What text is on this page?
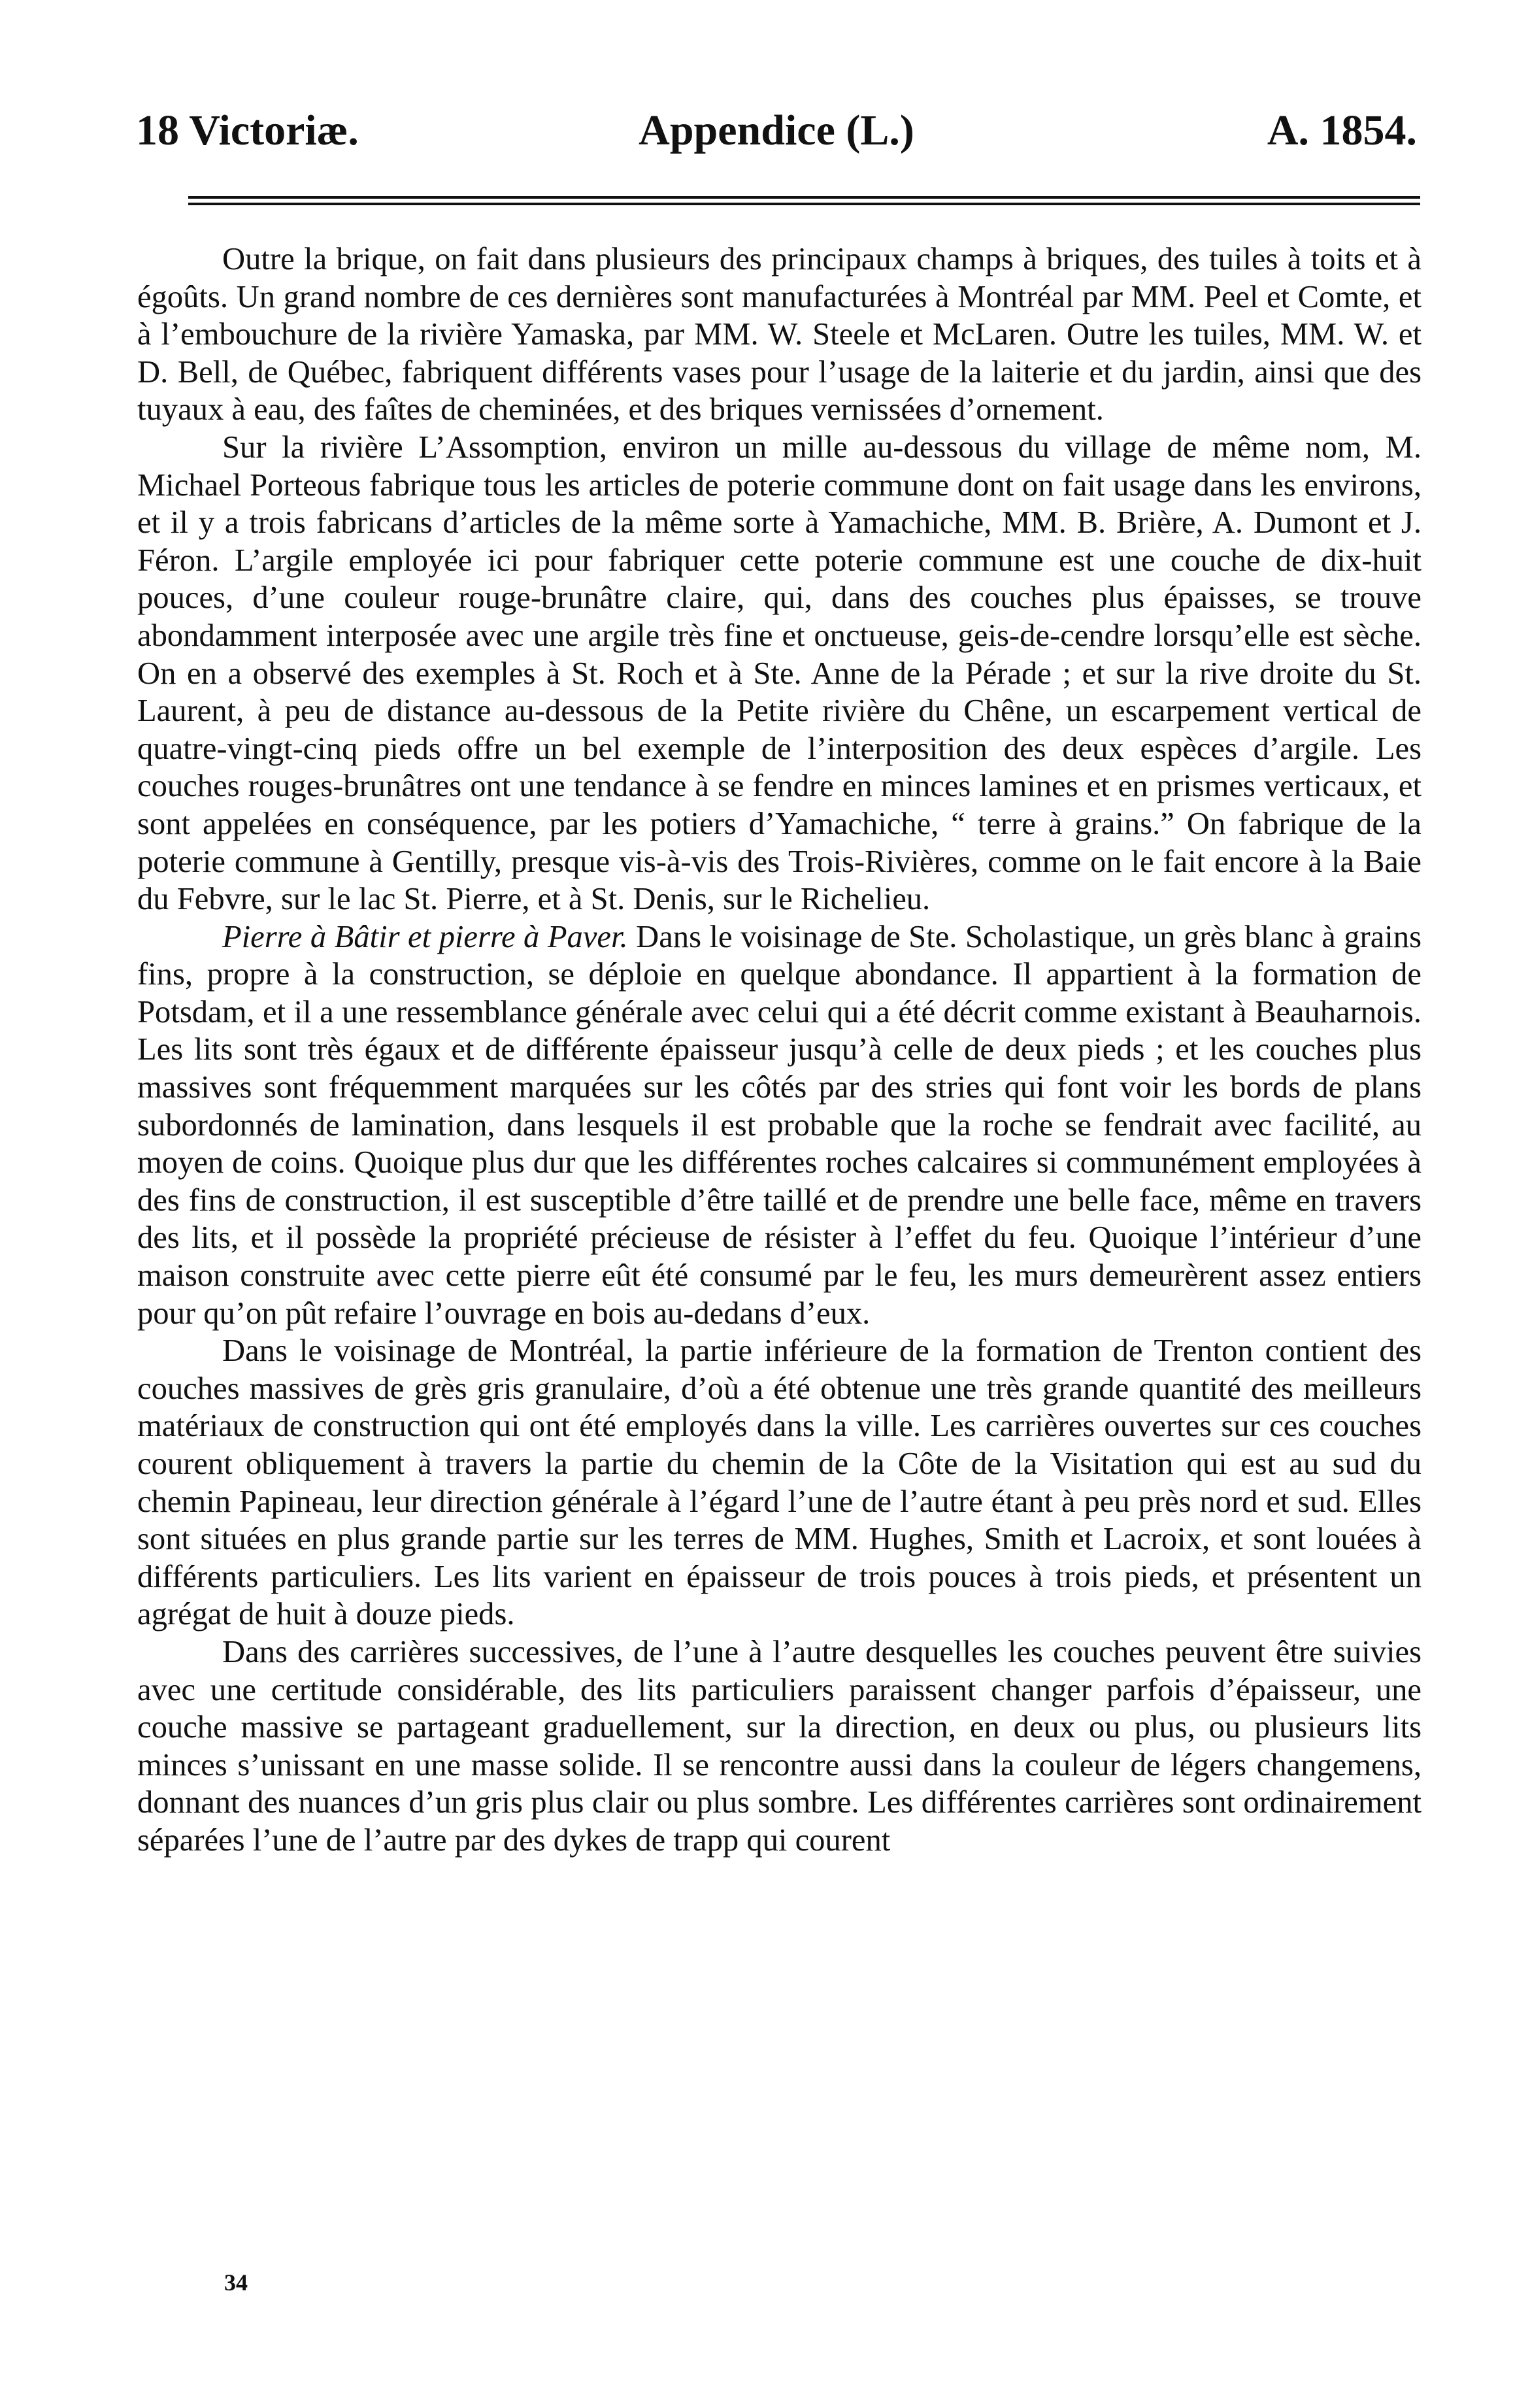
18 Victoriæ.	Appendice (L.)	A. 1854.

Outre la brique, on fait dans plusieurs des principaux champs à briques, des tuiles à toits et à égoûts. Un grand nombre de ces dernières sont manufacturées à Montréal par MM. Peel et Comte, et à l’embouchure de la rivière Yamaska, par MM. W. Steele et McLaren. Outre les tuiles, MM. W. et D. Bell, de Québec, fabriquent différents vases pour l’usage de la laiterie et du jardin, ainsi que des tuyaux à eau, des faîtes de cheminées, et des briques vernissées d’ornement.

Sur la rivière L’Assomption, environ un mille au-dessous du village de même nom, M. Michael Porteous fabrique tous les articles de poterie commune dont on fait usage dans les environs, et il y a trois fabricans d’articles de la même sorte à Yamachiche, MM. B. Brière, A. Dumont et J. Féron. L’argile employée ici pour fabriquer cette poterie commune est une couche de dix-huit pouces, d’une couleur rouge-brunâtre claire, qui, dans des couches plus épaisses, se trouve abondamment interposée avec une argile très fine et onctueuse, geis-de-cendre lorsqu’elle est sèche. On en a observé des exemples à St. Roch et à Ste. Anne de la Pérade ; et sur la rive droite du St. Laurent, à peu de distance au-dessous de la Petite rivière du Chêne, un escarpement vertical de quatre-vingt-cinq pieds offre un bel exemple de l’interposition des deux espèces d’argile. Les couches rouges-brunâtres ont une tendance à se fendre en minces lamines et en prismes verticaux, et sont appelées en conséquence, par les potiers d’Yamachiche, “ terre à grains.” On fabrique de la poterie commune à Gentilly, presque vis-à-vis des Trois-Rivières, comme on le fait encore à la Baie du Febvre, sur le lac St. Pierre, et à St. Denis, sur le Richelieu.

Pierre à Bâtir et pierre à Paver. Dans le voisinage de Ste. Scholastique, un grès blanc à grains fins, propre à la construction, se déploie en quelque abondance. Il appartient à la formation de Potsdam, et il a une ressemblance générale avec celui qui a été décrit comme existant à Beauharnois. Les lits sont très égaux et de différente épaisseur jusqu’à celle de deux pieds ; et les couches plus massives sont fréquemment marquées sur les côtés par des stries qui font voir les bords de plans subordonnés de lamination, dans lesquels il est probable que la roche se fendrait avec facilité, au moyen de coins. Quoique plus dur que les différentes roches calcaires si communément employées à des fins de construction, il est susceptible d’être taillé et de prendre une belle face, même en travers des lits, et il possède la propriété précieuse de résister à l’effet du feu. Quoique l’intérieur d’une maison construite avec cette pierre eût été consumé par le feu, les murs demeurèrent assez entiers pour qu’on pût refaire l’ouvrage en bois au-dedans d’eux.

Dans le voisinage de Montréal, la partie inférieure de la formation de Trenton contient des couches massives de grès gris granulaire, d’où a été obtenue une très grande quantité des meilleurs matériaux de construction qui ont été employés dans la ville. Les carrières ouvertes sur ces couches courent obliquement à travers la partie du chemin de la Côte de la Visitation qui est au sud du chemin Papineau, leur direction générale à l’égard l’une de l’autre étant à peu près nord et sud. Elles sont situées en plus grande partie sur les terres de MM. Hughes, Smith et Lacroix, et sont louées à différents particuliers. Les lits varient en épaisseur de trois pouces à trois pieds, et présentent un agrégat de huit à douze pieds.

Dans des carrières successives, de l’une à l’autre desquelles les couches peuvent être suivies avec une certitude considérable, des lits particuliers paraissent changer parfois d’épaisseur, une couche massive se partageant graduellement, sur la direction, en deux ou plus, ou plusieurs lits minces s’unissant en une masse solide. Il se rencontre aussi dans la couleur de légers changemens, donnant des nuances d’un gris plus clair ou plus sombre. Les différentes carrières sont ordinairement séparées l’une de l’autre par des dykes de trapp qui courent

34
